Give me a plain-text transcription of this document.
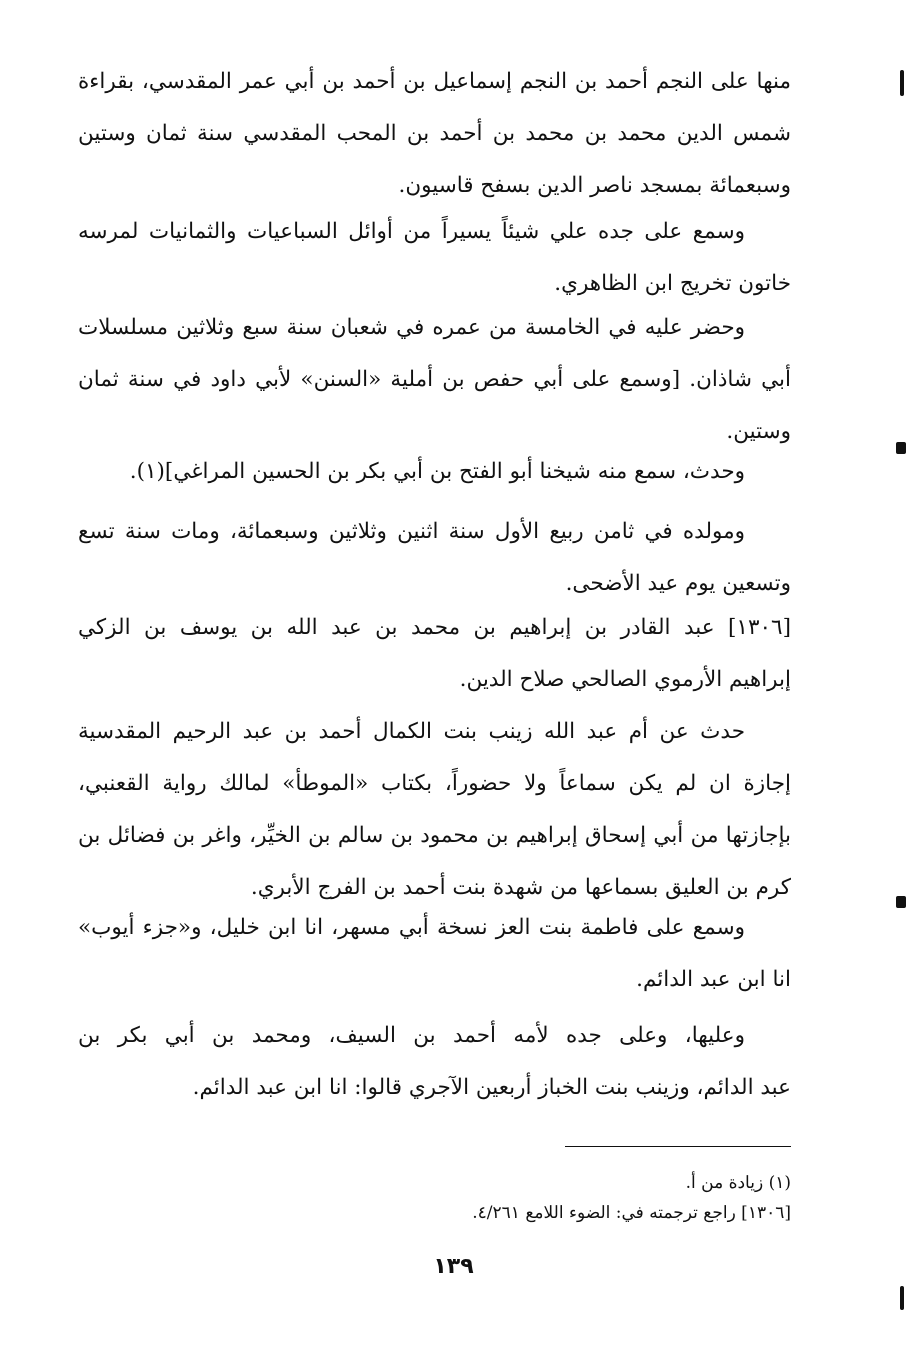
منها على النجم أحمد بن النجم إسماعيل بن أحمد بن أبي عمر المقدسي، بقراءة
شمس الدين محمد بن محمد بن أحمد بن المحب المقدسي سنة ثمان وستين
وسبعمائة بمسجد ناصر الدين بسفح قاسيون.
وسمع على جده علي شيئاً يسيراً من أوائل السباعيات والثمانيات لمرسه
خاتون تخريج ابن الظاهري.
وحضر عليه في الخامسة من عمره في شعبان سنة سبع وثلاثين مسلسلات
أبي شاذان. [وسمع على أبي حفص بن أملية «السنن» لأبي داود في سنة ثمان
وستين.
وحدث، سمع منه شيخنا أبو الفتح بن أبي بكر بن الحسين المراغي](١).
ومولده في ثامن ربيع الأول سنة اثنين وثلاثين وسبعمائة، ومات سنة تسع
وتسعين يوم عيد الأضحى.
[١٣٠٦] عبد القادر بن إبراهيم بن محمد بن عبد الله بن يوسف بن الزكي
إبراهيم الأرموي الصالحي صلاح الدين.
حدث عن أم عبد الله زينب بنت الكمال أحمد بن عبد الرحيم المقدسية
إجازة ان لم يكن سماعاً ولا حضوراً، بكتاب «الموطأ» لمالك رواية القعنبي،
بإجازتها من أبي إسحاق إبراهيم بن محمود بن سالم بن الخيِّر، واغر بن فضائل بن
كرم بن العليق بسماعها من شهدة بنت أحمد بن الفرج الأبري.
وسمع على فاطمة بنت العز نسخة أبي مسهر، انا ابن خليل، و«جزء أيوب»
انا ابن عبد الدائم.
وعليها، وعلى جده لأمه أحمد بن السيف، ومحمد بن أبي بكر بن
عبد الدائم، وزينب بنت الخباز أربعين الآجري قالوا: انا ابن عبد الدائم.
(١) زيادة من أ.
[١٣٠٦] راجع ترجمته في: الضوء اللامع ٤/٢٦١.
١٣٩
